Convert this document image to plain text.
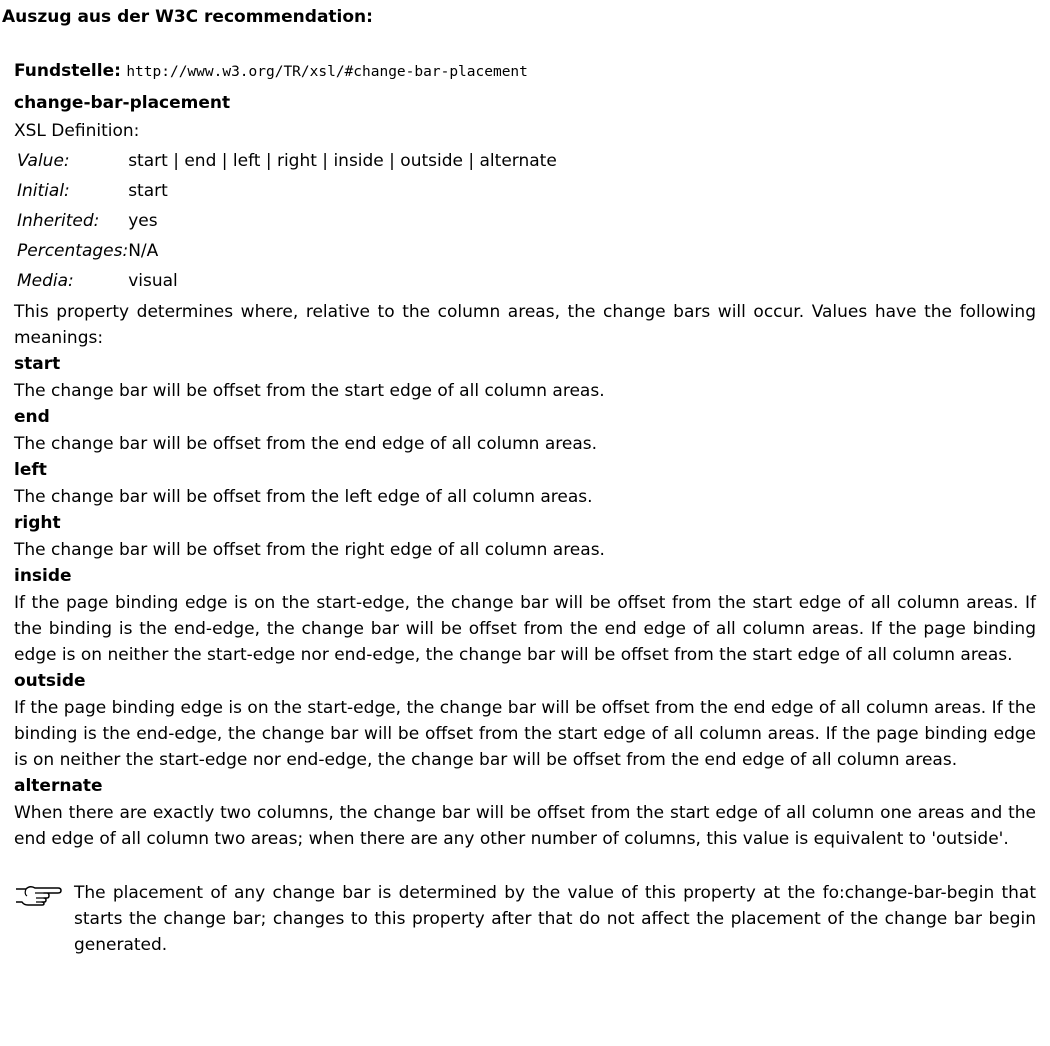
Auszug aus der W3C recommendation:
Fundstelle: http://www.w3.org/TR/xsl/#change-bar-placement
change-bar-placement
XSL Definition:
Value:	start | end | left | right | inside | outside | alternate
Initial:	start
Inherited:	yes
Percentages:	N/A
Media:	visual
This property determines where, relative to the column areas, the change bars will occur. Values have the following meanings:
start
The change bar will be offset from the start edge of all column areas.
end
The change bar will be offset from the end edge of all column areas.
left
The change bar will be offset from the left edge of all column areas.
right
The change bar will be offset from the right edge of all column areas.
inside
If the page binding edge is on the start-edge, the change bar will be offset from the start edge of all column areas. If the binding is the end-edge, the change bar will be offset from the end edge of all column areas. If the page binding edge is on neither the start-edge nor end-edge, the change bar will be offset from the start edge of all column areas.
outside
If the page binding edge is on the start-edge, the change bar will be offset from the end edge of all column areas. If the binding is the end-edge, the change bar will be offset from the start edge of all column areas. If the page binding edge is on neither the start-edge nor end-edge, the change bar will be offset from the end edge of all column areas.
alternate
When there are exactly two columns, the change bar will be offset from the start edge of all column one areas and the end edge of all column two areas; when there are any other number of columns, this value is equivalent to 'outside'.
The placement of any change bar is determined by the value of this property at the fo:change-bar-begin that starts the change bar; changes to this property after that do not affect the placement of the change bar begin generated.
